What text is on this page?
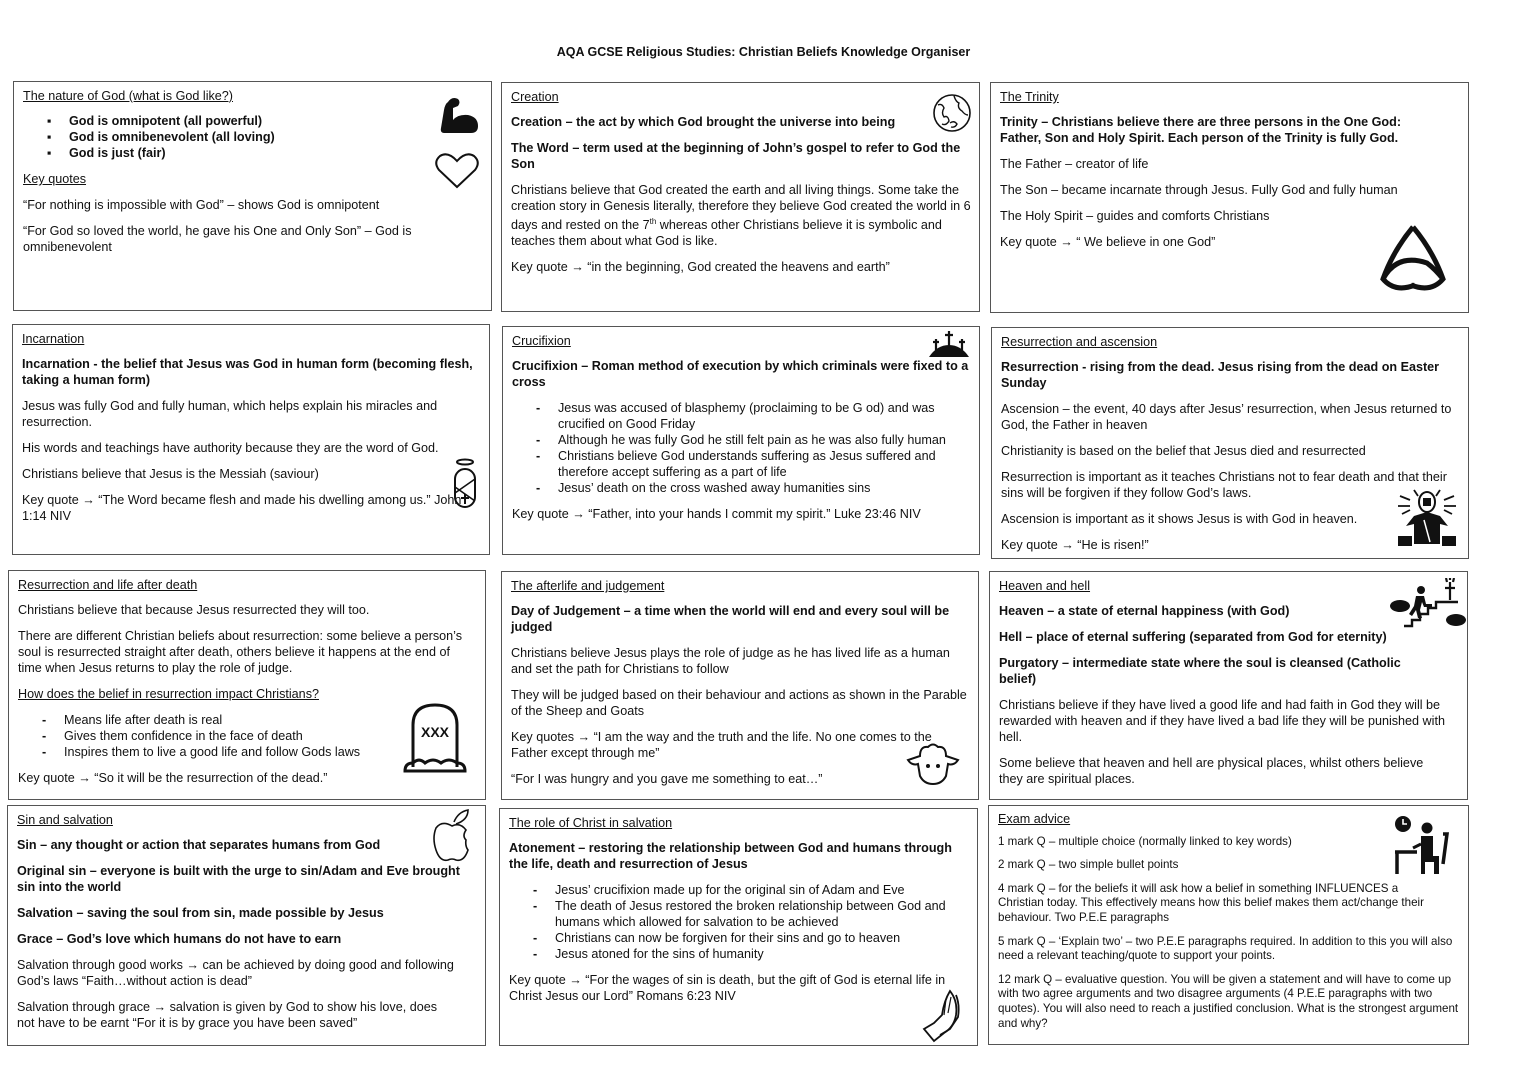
AQA GCSE Religious Studies: Christian Beliefs Knowledge Organiser
The nature of God (what is God like?)
▪ God is omnipotent (all powerful)
▪ God is omnibenevolent (all loving)
▪ God is just (fair)

Key quotes

“For nothing is impossible with God” – shows God is omnipotent

“For God so loved the world, he gave his One and Only Son” – God is omnibenevolent

Creation

Creation – the act by which God brought the universe into being

The Word – term used at the beginning of John’s gospel to refer to God the Son

Christians believe that God created the earth and all living things. Some take the creation story in Genesis literally, therefore they believe God created the world in 6 days and rested on the 7th whereas other Christians believe it is symbolic and teaches them about what God is like.

Key quote → “in the beginning, God created the heavens and earth”

The Trinity

Trinity – Christians believe there are three persons in the One God: Father, Son and Holy Spirit. Each person of the Trinity is fully God.

The Father – creator of life

The Son – became incarnate through Jesus. Fully God and fully human

The Holy Spirit – guides and comforts Christians

Key quote → “ We believe in one God”

Incarnation

Incarnation - the belief that Jesus was God in human form (becoming flesh, taking a human form)

Jesus was fully God and fully human, which helps explain his miracles and resurrection.

His words and teachings have authority because they are the word of God.

Christians believe that Jesus is the Messiah (saviour)

Key quote → “The Word became flesh and made his dwelling among us.” John 1:14 NIV

Crucifixion

Crucifixion – Roman method of execution by which criminals were fixed to a cross

- Jesus was accused of blasphemy (proclaiming to be G od) and was crucified on Good Friday
- Although he was fully God he still felt pain as he was also fully human
- Christians believe God understands suffering as Jesus suffered and therefore accept suffering as a part of life
- Jesus’ death on the cross washed away humanities sins

Key quote → “Father, into your hands I commit my spirit.” Luke 23:46 NIV

Resurrection and ascension

Resurrection - rising from the dead. Jesus rising from the dead on Easter Sunday

Ascension – the event, 40 days after Jesus’ resurrection, when Jesus returned to God, the Father in heaven

Christianity is based on the belief that Jesus died and resurrected

Resurrection is important as it teaches Christians not to fear death and that their sins will be forgiven if they follow God’s laws.

Ascension is important as it shows Jesus is with God in heaven.

Key quote → “He is risen!”

Resurrection and life after death

Christians believe that because Jesus resurrected they will too.

There are different Christian beliefs about resurrection: some believe a person’s soul is resurrected straight after death, others believe it happens at the end of time when Jesus returns to play the role of judge.

How does the belief in resurrection impact Christians?

- Means life after death is real
- Gives them confidence in the face of death
- Inspires them to live a good life and follow Gods laws

Key quote → “So it will be the resurrection of the dead.”

XXX
The afterlife and judgement

Day of Judgement – a time when the world will end and every soul will be judged

Christians believe Jesus plays the role of judge as he has lived life as a human and set the path for Christians to follow

They will be judged based on their behaviour and actions as shown in the Parable of the Sheep and Goats

Key quotes → “I am the way and the truth and the life. No one comes to the Father except through me”

“For I was hungry and you gave me something to eat…”

Heaven and hell

Heaven – a state of eternal happiness (with God)

Hell – place of eternal suffering (separated from God for eternity)

Purgatory – intermediate state where the soul is cleansed (Catholic belief)

Christians believe if they have lived a good life and had faith in God they will be rewarded with heaven and if they have lived a bad life they will be punished with hell.

Some believe that heaven and hell are physical places, whilst others believe they are spiritual places.

Sin and salvation

Sin – any thought or action that separates humans from God

Original sin – everyone is built with the urge to sin/Adam and Eve brought sin into the world

Salvation – saving the soul from sin, made possible by Jesus

Grace – God’s love which humans do not have to earn

Salvation through good works → can be achieved by doing good and following God’s laws “Faith…without action is dead”

Salvation through grace → salvation is given by God to show his love, does not have to be earnt “For it is by grace you have been saved”

The role of Christ in salvation

Atonement – restoring the relationship between God and humans through the life, death and resurrection of Jesus

- Jesus’ crucifixion made up for the original sin of Adam and Eve
- The death of Jesus restored the broken relationship between God and humans which allowed for salvation to be achieved
- Christians can now be forgiven for their sins and go to heaven
- Jesus atoned for the sins of humanity

Key quote → “For the wages of sin is death, but the gift of God is eternal life in Christ Jesus our Lord” Romans 6:23 NIV

Exam advice

1 mark Q – multiple choice (normally linked to key words)

2 mark Q – two simple bullet points

4 mark Q – for the beliefs it will ask how a belief in something INFLUENCES a Christian today. This effectively means how this belief makes them act/change their behaviour. Two P.E.E paragraphs

5 mark Q – ‘Explain two’ – two P.E.E paragraphs required. In addition to this you will also need a relevant teaching/quote to support your points.

12 mark Q – evaluative question. You will be given a statement and will have to come up with two agree arguments and two disagree arguments (4 P.E.E paragraphs with two quotes). You will also need to reach a justified conclusion. What is the strongest argument and why?
